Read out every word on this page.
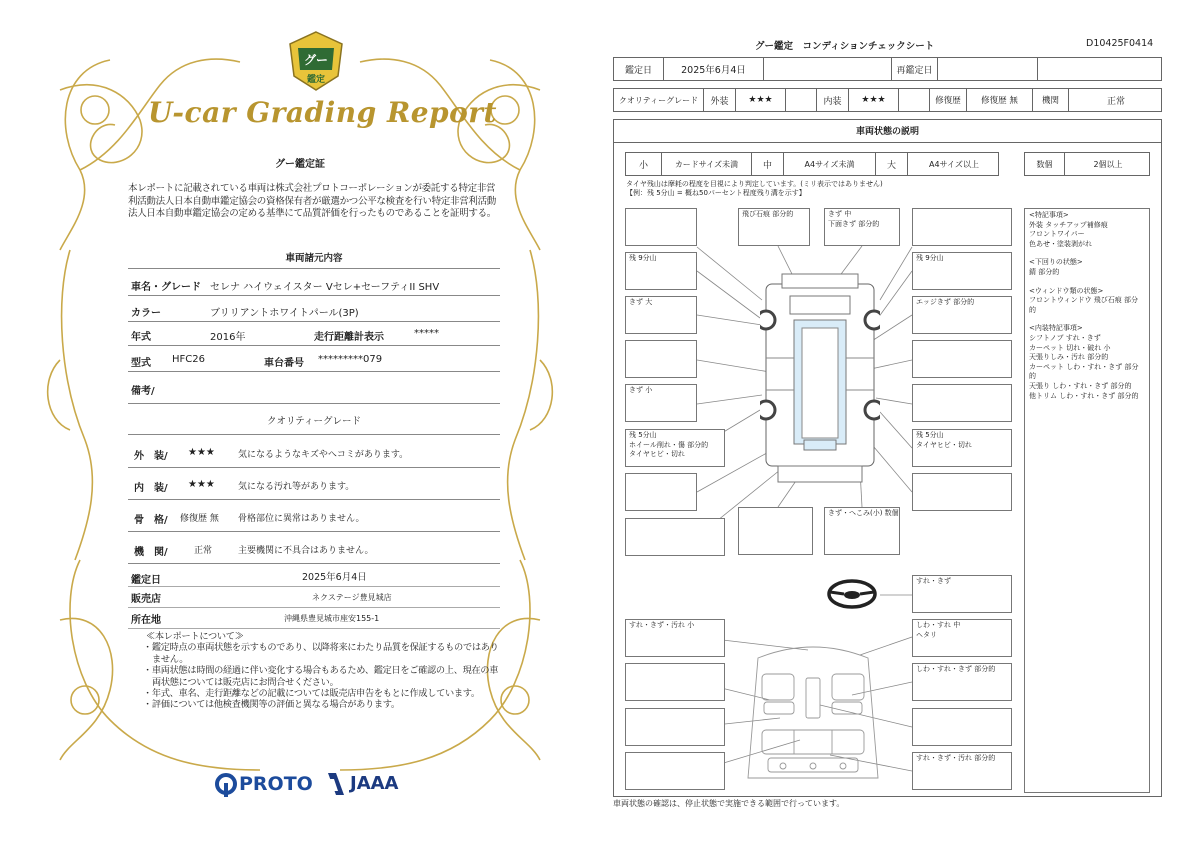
グー
鑑定
U-car Grading Report
グー鑑定証
本レポートに記載されている車両は株式会社プロトコーポレーションが委託する特定非営利活動法人日本自動車鑑定協会の資格保有者が厳選かつ公平な検査を行い特定非営利活動法人日本自動車鑑定協会の定める基準にて品質評価を行ったものであることを証明する。
車両諸元内容
車名・グレード セレナ ハイウェイスター Vセレ+セーフティII SHV
カラー	ブリリアントホワイトパール(3P)
年式	2016年	走行距離計表示	*****
型式 HFC26	車台番号 *********079
備考/
クオリティーグレード
外　装/ ★★★	気になるようなキズやへコミがあります。
内　装/ ★★★	気になる汚れ等があります。
骨　格/ 修復歴 無 骨格部位に異常はありません。
機　関/	正常	主要機関に不具合はありません。
鑑定日	2025年6月4日
販売店	ネクステージ豊見城店
所在地	沖縄県豊見城市座安155-1
≪本レポートについて≫
・鑑定時点の車両状態を示すものであり、以降将来にわたり品質を保証するものではありません。
・車両状態は時間の経過に伴い変化する場合もあるため、鑑定日をご確認の上、現在の車両状態については販売店にお問合せください。
・年式、車名、走行距離などの記載については販売店申告をもとに作成しています。
・評価については他検査機関等の評価と異なる場合があります。
PROTO JAAA
グー鑑定　コンディションチェックシート	D10425F0414
鑑定日	2025年6月4日	再鑑定日
クオリティーグレード	外装	★★★	内装	★★★	修復歴	修復歴 無	機関	正常
車両状態の説明
小	カードサイズ未満	中	A4サイズ未満	大	A4サイズ以上	数個	2個以上
タイヤ残山は摩耗の程度を目視により判定しています。(ミリ表示ではありません)
【例：残 5分山 = 概ね50パーセント程度残り溝を示す】
残 9分山
きず 大
きず 小
残 5分山
ホイール削れ・傷 部分的
タイヤヒビ・切れ
飛び石痕 部分的	きず 中
下面きず 部分的
きず・へこみ(小) 数個
残 9分山
エッジきず 部分的
残 5分山
タイヤヒビ・切れ
<特記事項>
外装 タッチアップ補修痕
フロントワイパー
色あせ・塗装剥がれ
<下回りの状態>
錆 部分的
<ウィンドウ類の状態>
フロントウィンドウ 飛び石痕 部分的
<内装特記事項>
シフトノブ すれ・きず
カーペット 切れ・破れ 小
天張りしみ・汚れ 部分的
カーペット しわ・すれ・きず 部分的
天張り しわ・すれ・きず 部分的
他トリム しわ・すれ・きず 部分的
すれ・きず
すれ・きず・汚れ 小	しわ・すれ 中
ヘタリ
しわ・すれ・きず 部分的
すれ・きず・汚れ 部分的
車両状態の確認は、停止状態で実施できる範囲で行っています。
